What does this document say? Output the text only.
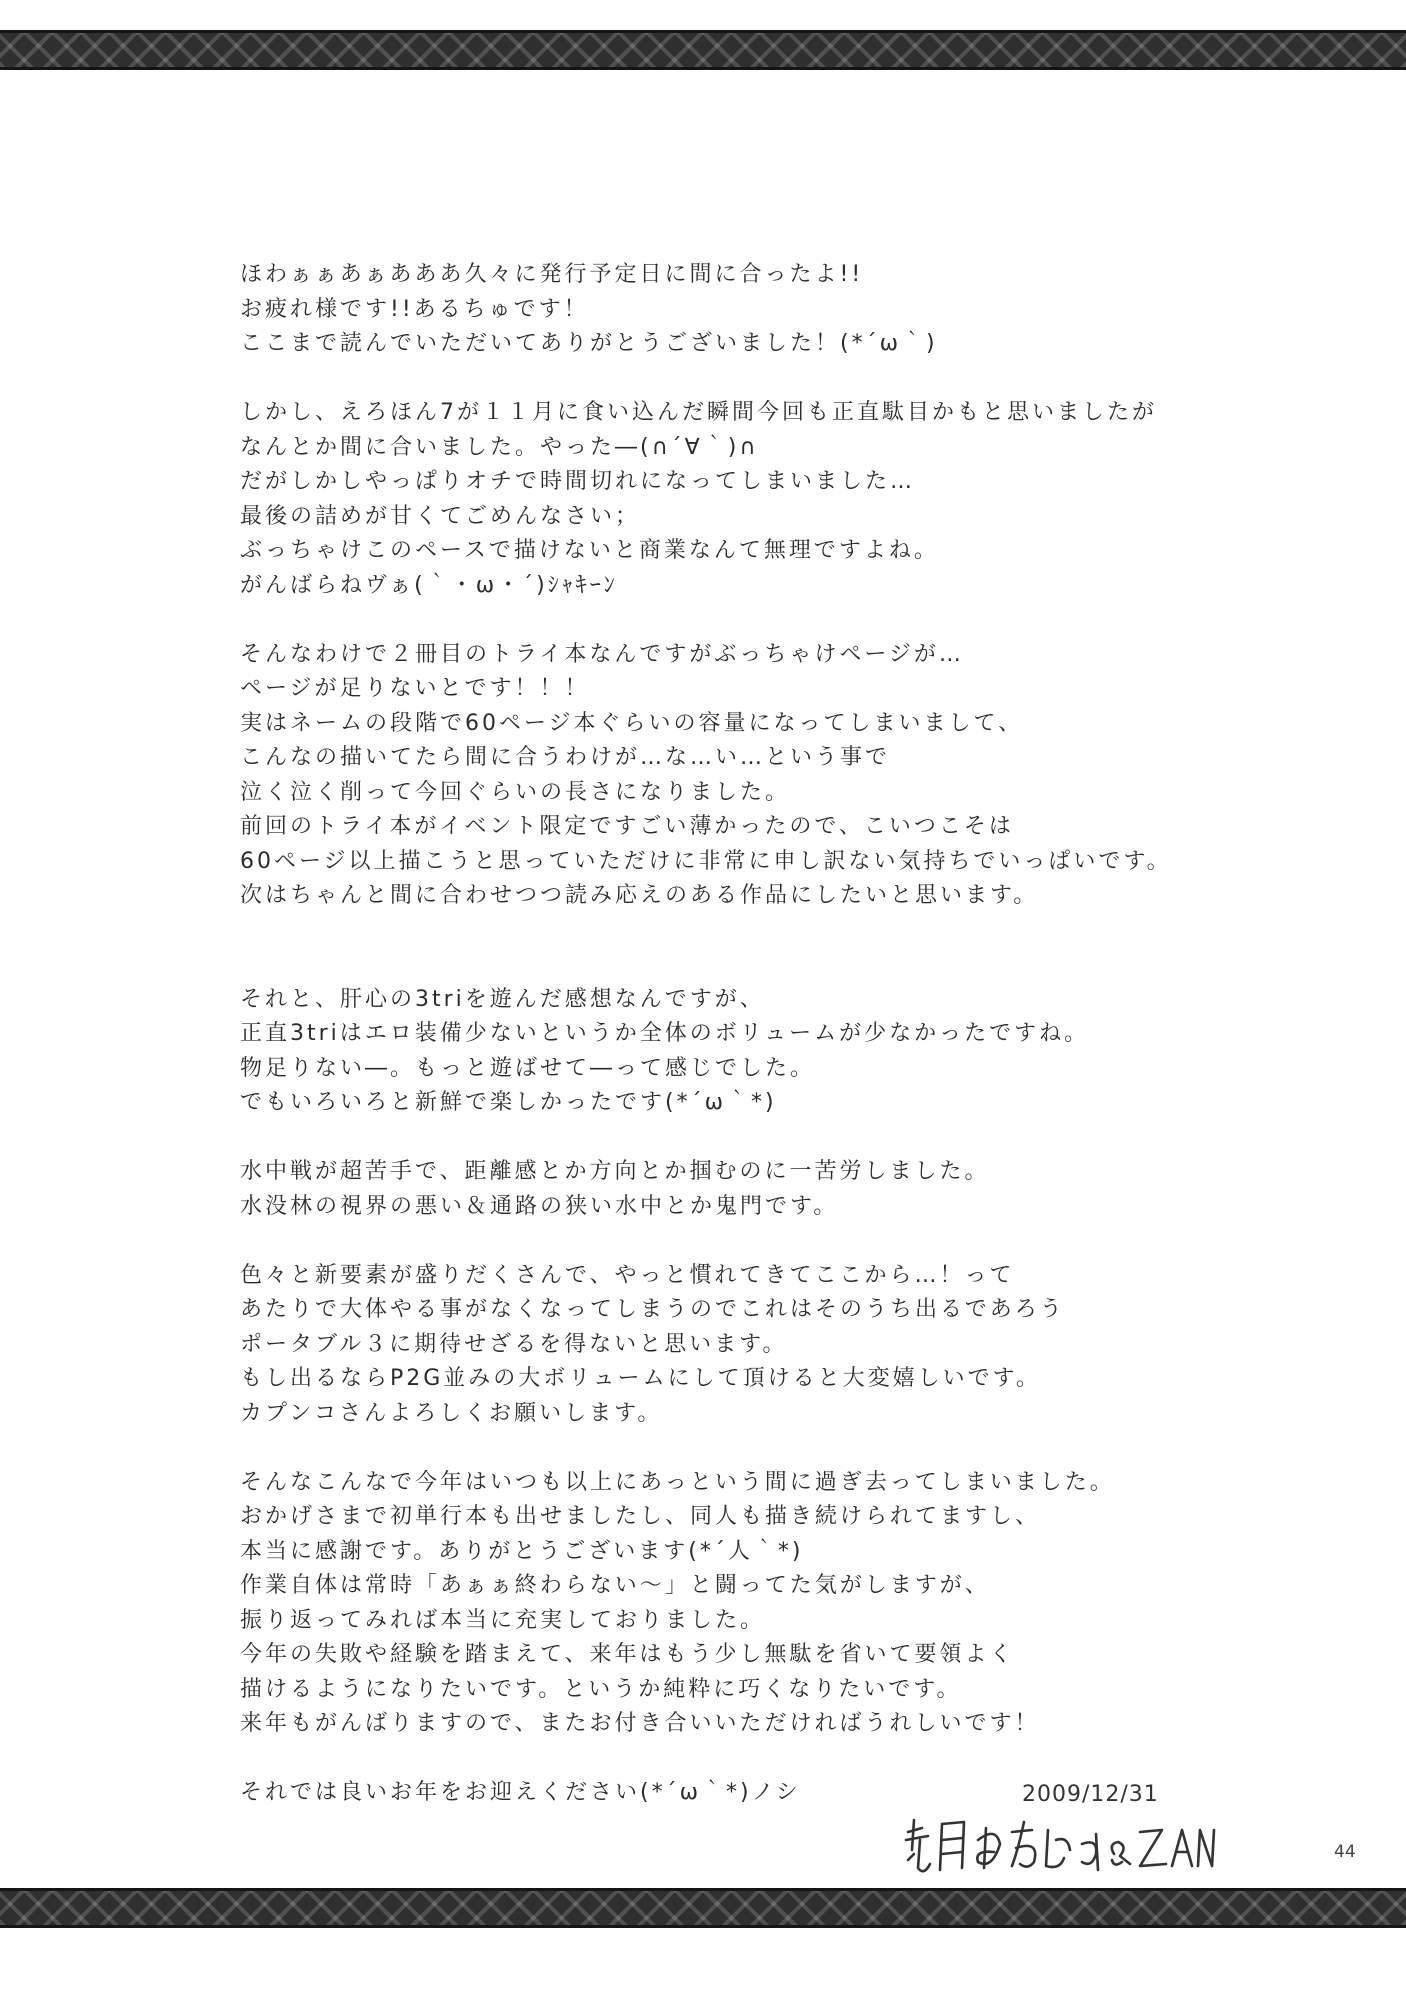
ほわぁぁあぁあああ久々に発行予定日に間に合ったよ!!
お疲れ様です!!あるちゅです！
ここまで読んでいただいてありがとうございました！(*´ω｀)
しかし、えろほん7が１１月に食い込んだ瞬間今回も正直駄目かもと思いましたが
なんとか間に合いました。やった―(∩´∀｀)∩
だがしかしやっぱりオチで時間切れになってしまいました…
最後の詰めが甘くてごめんなさい；
ぶっちゃけこのペースで描けないと商業なんて無理ですよね。
がんばらねヴぁ(｀・ω・´)ｼｬｷｰﾝ
そんなわけで２冊目のトライ本なんですがぶっちゃけページが…
ページが足りないとです！！！
実はネームの段階で60ページ本ぐらいの容量になってしまいまして、
こんなの描いてたら間に合うわけが…な…い…という事で
泣く泣く削って今回ぐらいの長さになりました。
前回のトライ本がイベント限定ですごい薄かったので、こいつこそは
60ページ以上描こうと思っていただけに非常に申し訳ない気持ちでいっぱいです。
次はちゃんと間に合わせつつ読み応えのある作品にしたいと思います。
それと、肝心の3triを遊んだ感想なんですが、
正直3triはエロ装備少ないというか全体のボリュームが少なかったですね。
物足りない―。もっと遊ばせて―って感じでした。
でもいろいろと新鮮で楽しかったです(*´ω｀*)
水中戦が超苦手で、距離感とか方向とか掴むのに一苦労しました。
水没林の視界の悪い＆通路の狭い水中とか鬼門です。
色々と新要素が盛りだくさんで、やっと慣れてきてここから…！って
あたりで大体やる事がなくなってしまうのでこれはそのうち出るであろう
ポータブル３に期待せざるを得ないと思います。
もし出るならP2G並みの大ボリュームにして頂けると大変嬉しいです。
カプンコさんよろしくお願いします。
そんなこんなで今年はいつも以上にあっという間に過ぎ去ってしまいました。
おかげさまで初単行本も出せましたし、同人も描き続けられてますし、
本当に感謝です。ありがとうございます(*´人｀*)
作業自体は常時「あぁぁ終わらない～」と闘ってた気がしますが、
振り返ってみれば本当に充実しておりました。
今年の失敗や経験を踏まえて、来年はもう少し無駄を省いて要領よく
描けるようになりたいです。というか純粋に巧くなりたいです。
来年もがんばりますので、またお付き合いいただければうれしいです！
それでは良いお年をお迎えください(*´ω｀*)ノシ	2009/12/31
44
